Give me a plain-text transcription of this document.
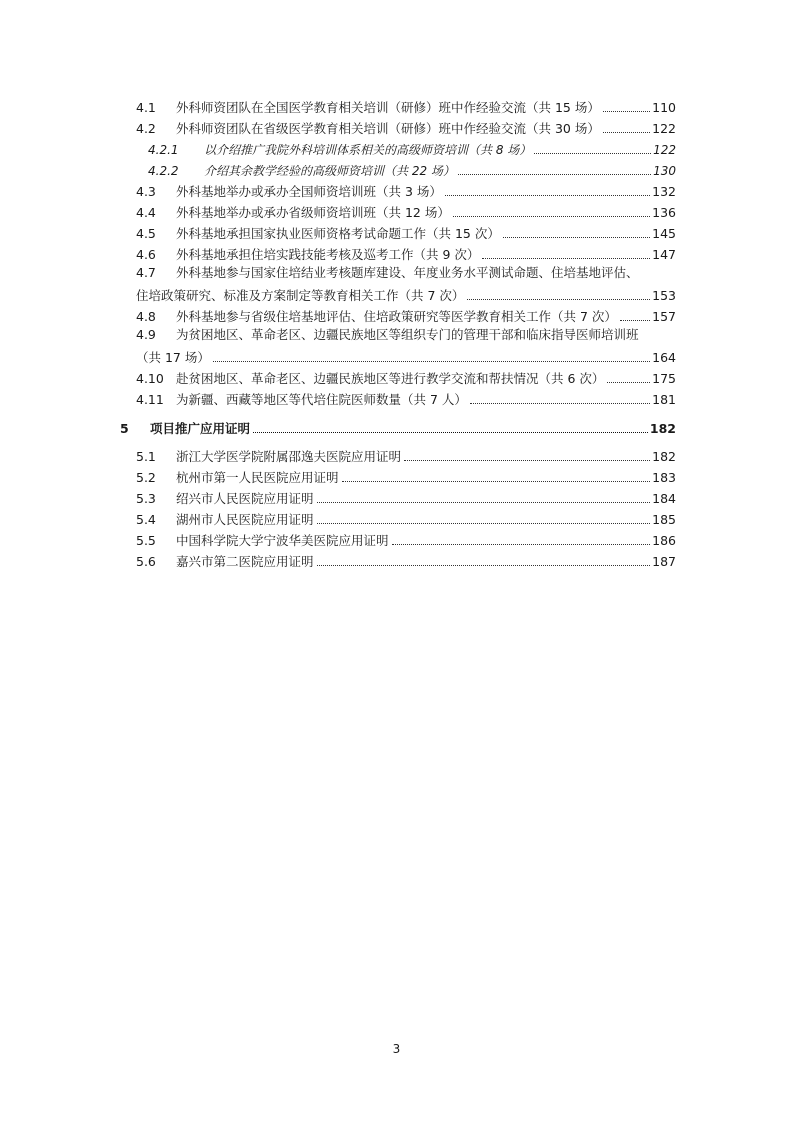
4.1	外科师资团队在全国医学教育相关培训（研修）班中作经验交流（共 15 场）	110
4.2	外科师资团队在省级医学教育相关培训（研修）班中作经验交流（共 30 场）	122
4.2.1	以介绍推广我院外科培训体系相关的高级师资培训（共 8 场）	122
4.2.2	介绍其余教学经验的高级师资培训（共 22 场）	130
4.3	外科基地举办或承办全国师资培训班（共 3 场）	132
4.4	外科基地举办或承办省级师资培训班（共 12 场）	136
4.5	外科基地承担国家执业医师资格考试命题工作（共 15 次）	145
4.6	外科基地承担住培实践技能考核及巡考工作（共 9 次）	147
4.7 外科基地参与国家住培结业考核题库建设、年度业务水平测试命题、住培基地评估、
住培政策研究、标准及方案制定等教育相关工作（共 7 次）	153
4.8	外科基地参与省级住培基地评估、住培政策研究等医学教育相关工作（共 7 次）	157
4.9 为贫困地区、革命老区、边疆民族地区等组织专门的管理干部和临床指导医师培训班
（共 17 场）	164
4.10 赴贫困地区、革命老区、边疆民族地区等进行教学交流和帮扶情况（共 6 次）	175
4.11 为新疆、西藏等地区等代培住院医师数量（共 7 人）	181
5	项目推广应用证明	182
5.1	浙江大学医学院附属邵逸夫医院应用证明	182
5.2	杭州市第一人民医院应用证明	183
5.3	绍兴市人民医院应用证明	184
5.4	湖州市人民医院应用证明	185
5.5	中国科学院大学宁波华美医院应用证明	186
5.6	嘉兴市第二医院应用证明	187
3
